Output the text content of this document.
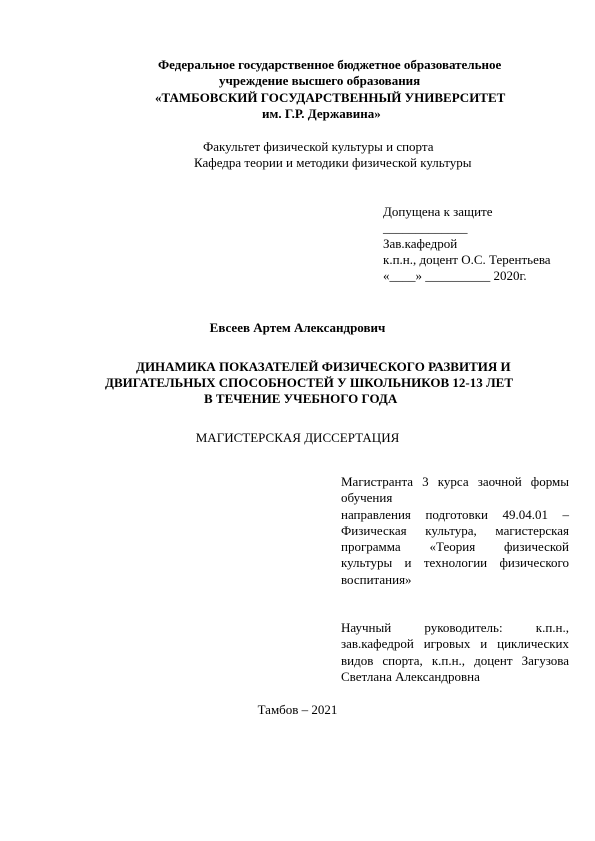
Федеральное государственное бюджетное образовательное
учреждение высшего образования
«ТАМБОВСКИЙ ГОСУДАРСТВЕННЫЙ УНИВЕРСИТЕТ
им. Г.Р. Державина»
Факультет физической культуры и спорта
Кафедра теории и методики физической культуры
Допущена к защите
_____________
Зав.кафедрой
к.п.н., доцент О.С. Терентьева
«____» __________ 2020г.
Евсеев Артем Александрович
ДИНАМИКА ПОКАЗАТЕЛЕЙ ФИЗИЧЕСКОГО РАЗВИТИЯ И
ДВИГАТЕЛЬНЫХ СПОСОБНОСТЕЙ У ШКОЛЬНИКОВ 12-13 ЛЕТ
В ТЕЧЕНИЕ УЧЕБНОГО ГОДА
МАГИСТЕРСКАЯ ДИССЕРТАЦИЯ
Магистранта 3 курса заочной формы
обучения
направления подготовки 49.04.01 –
Физическая культура, магистерская
программа «Теория физической
культуры и технологии физического
воспитания»
Научный руководитель: к.п.н.,
зав.кафедрой игровых и циклических
видов спорта, к.п.н., доцент Загузова
Светлана Александровна
Тамбов – 2021
